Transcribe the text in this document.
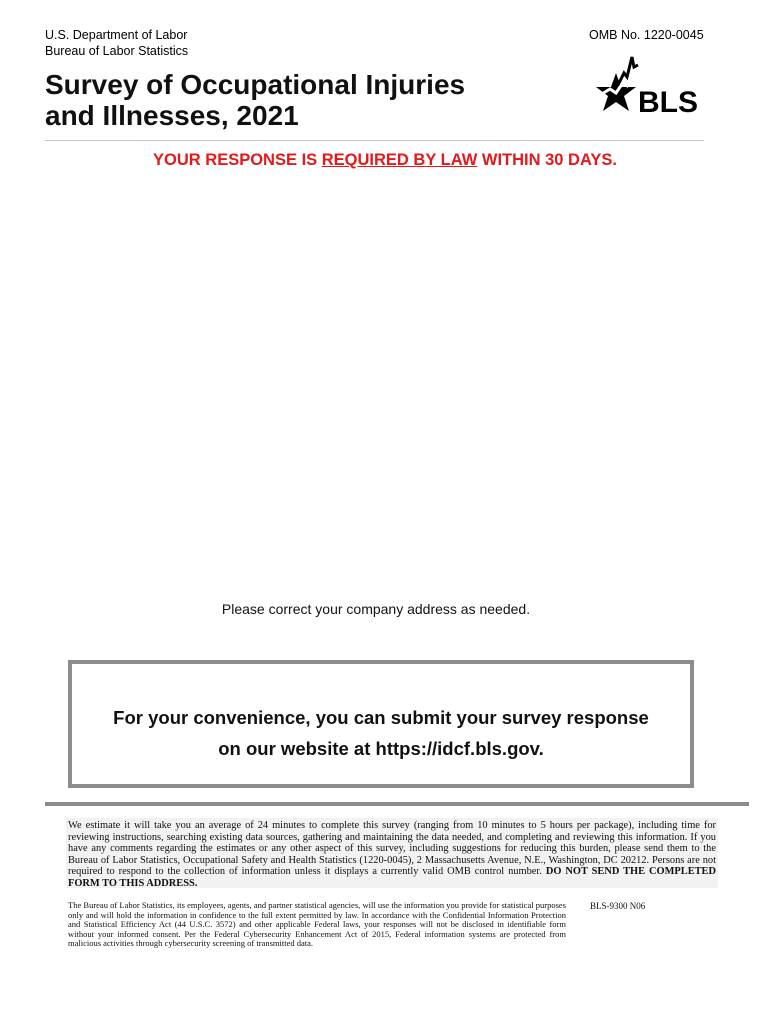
U.S. Department of Labor
Bureau of Labor Statistics
OMB No. 1220-0045
Survey of Occupational Injuries
and Illnesses, 2021	BLS
YOUR RESPONSE IS REQUIRED BY LAW WITHIN 30 DAYS.
Please correct your company address as needed.
For your convenience, you can submit your survey response
on our website at https://idcf.bls.gov.
We estimate it will take you an average of 24 minutes to complete this survey (ranging from 10 minutes to 5 hours per package), including time for reviewing instructions, searching existing data sources, gathering and maintaining the data needed, and completing and reviewing this information. If you have any comments regarding the estimates or any other aspect of this survey, including suggestions for reducing this burden, please send them to the Bureau of Labor Statistics, Occupational Safety and Health Statistics (1220-0045), 2 Massachusetts Avenue, N.E., Washington, DC 20212. Persons are not required to respond to the collection of information unless it displays a currently valid OMB control number. DO NOT SEND THE COMPLETED FORM TO THIS ADDRESS.
The Bureau of Labor Statistics, its employees, agents, and partner statistical agencies, will use the information you provide for statistical purposes only and will hold the information in confidence to the full extent permitted by law. In accordance with the Confidential Information Protection and Statistical Efficiency Act (44 U.S.C. 3572) and other applicable Federal laws, your responses will not be disclosed in identifiable form without your informed consent. Per the Federal Cybersecurity Enhancement Act of 2015, Federal information systems are protected from malicious activities through cybersecurity screening of transmitted data.
BLS-9300 N06
